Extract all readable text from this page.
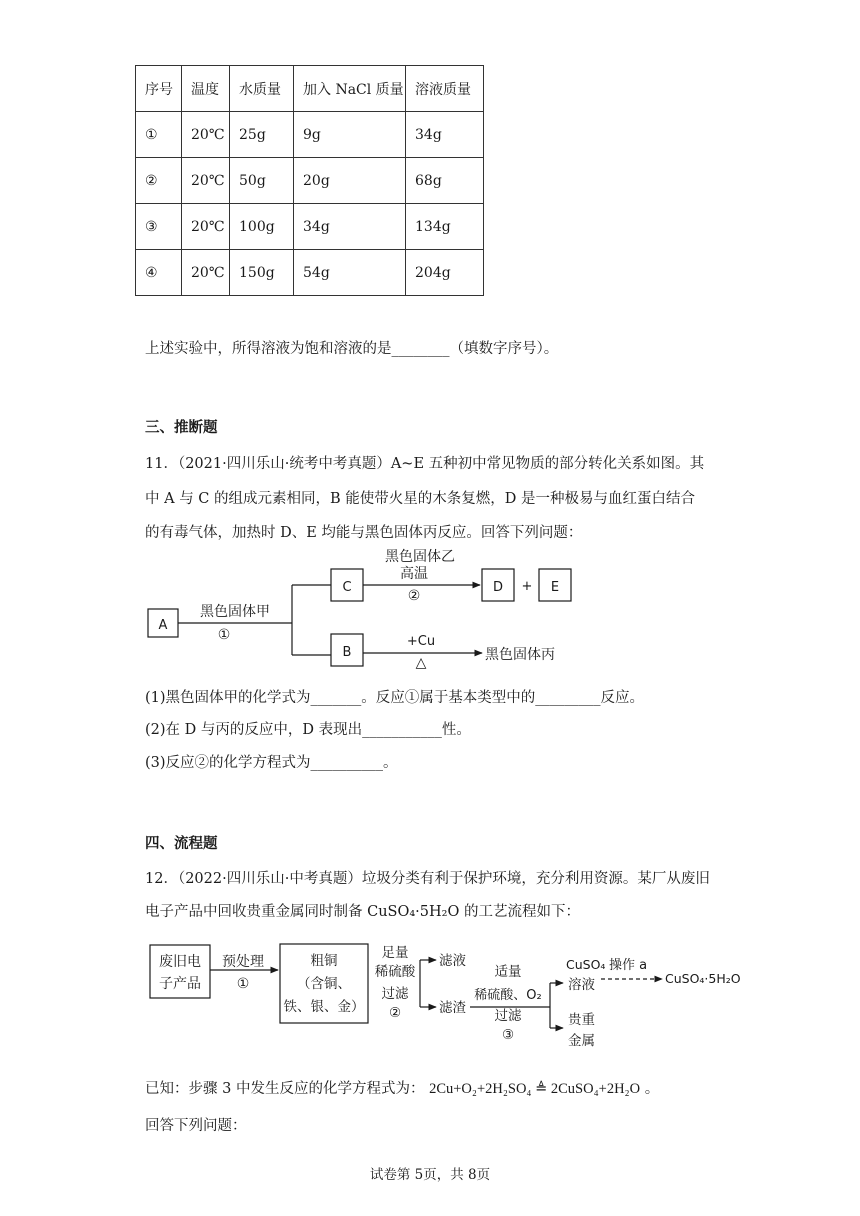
序号	温度	水质量	加入 NaCl 质量	溶液质量
①	20℃	25g	9g	34g
②	20℃	50g	20g	68g
③	20℃	100g	34g	134g
④	20℃	150g	54g	204g
上述实验中，所得溶液为饱和溶液的是________（填数字序号）。
三、推断题
11．（2021·四川乐山·统考中考真题）A~E 五种初中常见物质的部分转化关系如图。其
中 A 与 C 的组成元素相同，B 能使带火星的木条复燃，D 是一种极易与血红蛋白结合
的有毒气体，加热时 D、E 均能与黑色固体丙反应。回答下列问题：
A
C	D + E
B
黑色固体甲
①
黑色固体乙
高温
②
+Cu
△	黑色固体丙
(1)黑色固体甲的化学式为_______。反应①属于基本类型中的_________反应。
(2)在 D 与丙的反应中，D 表现出___________性。
(3)反应②的化学方程式为__________。
四、流程题
12．（2022·四川乐山·中考真题）垃圾分类有利于保护环境，充分利用资源。某厂从废旧
电子产品中回收贵重金属同时制备 CuSO₄·5H₂O 的工艺流程如下：
废旧电
子产品
预处理
①
粗铜
（含铜、
铁、银、金）
足量
稀硫酸
过滤
②
滤液
滤渣
适量
稀硫酸、O₂
过滤
③
CuSO₄
溶液
操作 a
CuSO₄·5H₂O
贵重
金属
已知：步骤 3 中发生反应的化学方程式为： 2Cu+O₂+2H₂SO₄ ≜ 2CuSO₄+2H₂O 。
回答下列问题：
试卷第 5页，共 8页
